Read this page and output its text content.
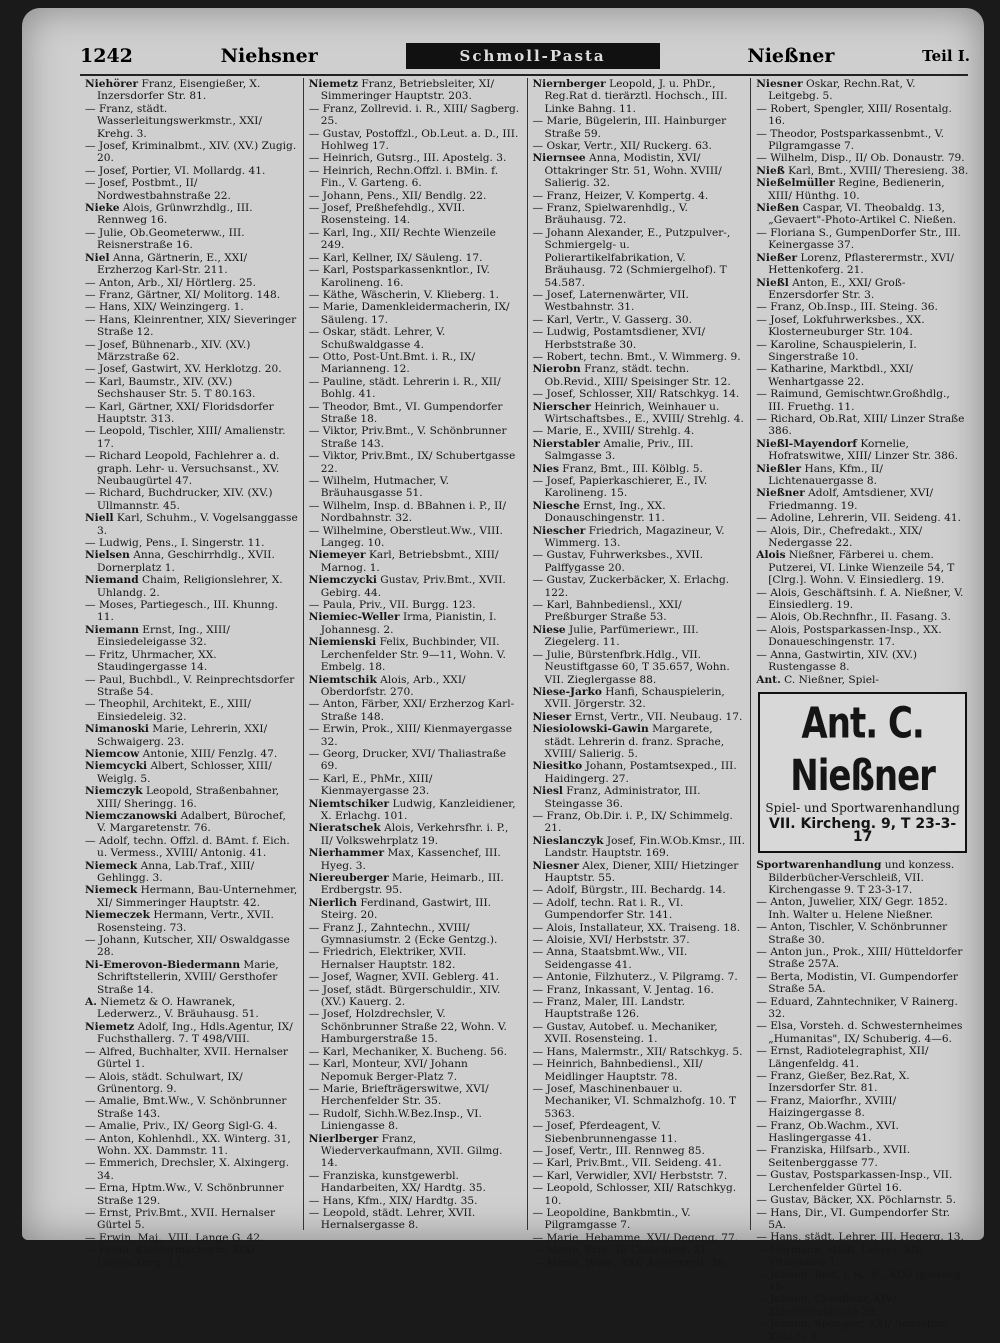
1242	Niehsner	Schmoll-Pasta	Nießner	Teil I.

Niehörer Franz, Eisengießer, X. Inzersdorfer Str. 81.

— Franz, städt. Wasserleitungswerkmstr., XXI/ Krehg. 3.

— Josef, Kriminalbmt., XIV. (XV.) Zugig. 20.

— Josef, Portier, VI. Mollardg. 41.

— Josef, Postbmt., II/ Nordwestbahnstraße 22.

Nieke Alois, Grünwrzhdlg., III. Rennweg 16.

— Julie, Ob.Geometerww., III. Reisnerstraße 16.

Niel Anna, Gärtnerin, E., XXI/ Erzherzog Karl-Str. 211.

— Anton, Arb., XI/ Hörtlerg. 25.

— Franz, Gärtner, XI/ Molitorg. 148.

— Hans, XIX/ Weinzingerg. 1.

— Hans, Kleinrentner, XIX/ Sieveringer Straße 12.

— Josef, Bühnenarb., XIV. (XV.) Märzstraße 62.

— Josef, Gastwirt, XV. Herklotzg. 20.

— Karl, Baumstr., XIV. (XV.) Sechshauser Str. 5. T 80.163.

— Karl, Gärtner, XXI/ Floridsdorfer Hauptstr. 313.

— Leopold, Tischler, XIII/ Amalienstr. 17.

— Richard Leopold, Fachlehrer a. d. graph. Lehr- u. Versuchsanst., XV. Neubaugürtel 47.

— Richard, Buchdrucker, XIV. (XV.) Ullmannstr. 45.

Niell Karl, Schuhm., V. Vogelsanggasse 3.

— Ludwig, Pens., I. Singerstr. 11.

Nielsen Anna, Geschirrhdlg., XVII. Dornerplatz 1.

Niemand Chaim, Religionslehrer, X. Uhlandg. 2.

— Moses, Partiegesch., III. Khunng. 11.

Niemann Ernst, Ing., XIII/ Einsiedeleigasse 32.

— Fritz, Uhrmacher, XX. Staudingergasse 14.

— Paul, Buchbdl., V. Reinprechtsdorfer Straße 54.

— Theophil, Architekt, E., XIII/ Einsiedeleig. 32.

Nimanoski Marie, Lehrerin, XXI/ Schwaigerg. 23.

Niemcow Antonie, XIII/ Fenzlg. 47.

Niemcycki Albert, Schlosser, XIII/ Weiglg. 5.

Niemczyk Leopold, Straßenbahner, XIII/ Sheringg. 16.

Niemczanowski Adalbert, Bürochef, V. Margaretenstr. 76.

— Adolf, techn. Offzl. d. BAmt. f. Eich. u. Vermess., XVIII/ Antonig. 41.

Niemeck Anna, Lab.Traf., XIII/ Gehlingg. 3.

Niemeck Hermann, Bau-Unternehmer, XI/ Simmeringer Hauptstr. 42.

Niemeczek Hermann, Vertr., XVII. Rosensteing. 73.

— Johann, Kutscher, XII/ Oswaldgasse 28.

Ni-Emerovon-Biedermann Marie, Schriftstellerin, XVIII/ Gersthofer Straße 14.

A. Niemetz & O. Hawranek, Lederwerz., V. Bräuhausg. 51.

Niemetz Adolf, Ing., Hdls.Agentur, IX/ Fuchsthallerg. 7. T 498/VIII.

— Alfred, Buchhalter, XVII. Hernalser Gürtel 1.

— Alois, städt. Schulwart, IX/ Grünentorg. 9.

— Amalie, Bmt.Ww., V. Schönbrunner Straße 143.

— Amalie, Priv., IX/ Georg Sigl-G. 4.

— Anton, Kohlenhdl., XX. Winterg. 31, Wohn. XX. Dammstr. 11.

— Emmerich, Drechsler, X. Alxingerg. 34.

— Erna, Hptm.Ww., V. Schönbrunner Straße 129.

— Ernst, Priv.Bmt., XVII. Hernalser Gürtel 5.

— Erwin, Maj., VIII. Lange G. 42.

— Fanni, Kleidermacherin, XIX/ Langackerg. 13.

Niemetz Franz, Betriebsleiter, XI/ Simmeringer Hauptstr. 203.

— Franz, Zollrevid. i. R., XIII/ Sagberg. 25.

— Gustav, Postoffzl., Ob.Leut. a. D., III. Hohlweg 17.

— Heinrich, Gutsrg., III. Apostelg. 3.

— Heinrich, Rechn.Offzl. i. BMin. f. Fin., V. Garteng. 6.

— Johann, Pens., XII/ Bendlg. 22.

— Josef, Preßhefehdlg., XVII. Rosensteing. 14.

— Karl, Ing., XII/ Rechte Wienzeile 249.

— Karl, Kellner, IX/ Säuleng. 17.

— Karl, Postsparkassenkntlor., IV. Karolineng. 16.

— Käthe, Wäscherin, V. Klieberg. 1.

— Marie, Damenkleidermacherin, IX/ Säuleng. 17.

— Oskar, städt. Lehrer, V. Schußwaldgasse 4.

— Otto, Post-Unt.Bmt. i. R., IX/ Marianneng. 12.

— Pauline, städt. Lehrerin i. R., XII/ Bohlg. 41.

— Theodor, Bmt., VI. Gumpendorfer Straße 18.

— Viktor, Priv.Bmt., V. Schönbrunner Straße 143.

— Viktor, Priv.Bmt., IX/ Schubertgasse 22.

— Wilhelm, Hutmacher, V. Bräuhausgasse 51.

— Wilhelm, Insp. d. BBahnen i. P., II/ Nordbahnstr. 32.

— Wilhelmine, Oberstleut.Ww., VIII. Langeg. 10.

Niemeyer Karl, Betriebsbmt., XIII/ Marnog. 1.

Niemczycki Gustav, Priv.Bmt., XVII. Gebirg. 44.

— Paula, Priv., VII. Burgg. 123.

Niemiec-Weller Irma, Pianistin, I. Johannesg. 2.

Niemienski Felix, Buchbinder, VII. Lerchenfelder Str. 9—11, Wohn. V. Embelg. 18.

Niemtschik Alois, Arb., XXI/ Oberdorfstr. 270.

— Anton, Färber, XXI/ Erzherzog Karl-Straße 148.

— Erwin, Prok., XIII/ Kienmayergasse 32.

— Georg, Drucker, XVI/ Thaliastraße 69.

— Karl, E., PhMr., XIII/ Kienmayergasse 23.

Niemtschiker Ludwig, Kanzleidiener, X. Erlachg. 101.

Nieratschek Alois, Verkehrsfhr. i. P., II/ Volkswehrplatz 19.

Nierhammer Max, Kassenchef, III. Hyeg. 3.

Niereuberger Marie, Heimarb., III. Erdbergstr. 95.

Nierlich Ferdinand, Gastwirt, III. Steirg. 20.

— Franz J., Zahntechn., XVIII/ Gymnasiumstr. 2 (Ecke Gentzg.).

— Friedrich, Elektriker, XVII. Hernalser Hauptstr. 182.

— Josef, Wagner, XVII. Geblerg. 41.

— Josef, städt. Bürgerschuldir., XIV. (XV.) Kauerg. 2.

— Josef, Holzdrechsler, V. Schönbrunner Straße 22, Wohn. V. Hamburgerstraße 15.

— Karl, Mechaniker, X. Bucheng. 56.

— Karl, Monteur, XVI/ Johann Nepomuk Berger-Platz 7.

— Marie, Briefträgerswitwe, XVI/ Herchenfelder Str. 35.

— Rudolf, Sichh.W.Bez.Insp., VI. Liniengasse 8.

Nierlberger Franz, Wiederverkaufmann, XVII. Gilmg. 14.

— Franziska, kunstgewerbl. Handarbeiten, XX/ Hardtg. 35.

— Hans, Kfm., XIX/ Hardtg. 35.

— Leopold, städt. Lehrer, XVII. Hernalsergasse 8.

Niernberger Leopold, J. u. PhDr., Reg.Rat d. tierärztl. Hochsch., III. Linke Bahng. 11.

— Marie, Bügelerin, III. Hainburger Straße 59.

— Oskar, Vertr., XII/ Ruckerg. 63.

Niernsee Anna, Modistin, XVI/ Ottakringer Str. 51, Wohn. XVIII/ Salierig. 32.

— Franz, Heizer, V. Kompertg. 4.

— Franz, Spielwarenhdlg., V. Bräuhausg. 72.

— Johann Alexander, E., Putzpulver-, Schmiergelg- u. Polierartikelfabrikation, V. Bräuhausg. 72 (Schmiergelhof). T 54.587.

— Josef, Laternenwärter, VII. Westbahnstr. 31.

— Karl, Vertr., V. Gasserg. 30.

— Ludwig, Postamtsdiener, XVI/ Herbststraße 30.

— Robert, techn. Bmt., V. Wimmerg. 9.

Nierobn Franz, städt. techn. Ob.Revid., XIII/ Speisinger Str. 12.

— Josef, Schlosser, XII/ Ratschkyg. 14.

Nierscher Heinrich, Weinhauer u. Wirtschaftsbes., E., XVIII/ Strehlg. 4.

— Marie, E., XVIII/ Strehlg. 4.

Nierstabler Amalie, Priv., III. Salmgasse 3.

Nies Franz, Bmt., III. Kölblg. 5.

— Josef, Papierkaschierer, E., IV. Karolineng. 15.

Niesche Ernst, Ing., XX. Donauschingenstr. 11.

Niescher Friedrich, Magazineur, V. Wimmerg. 13.

— Gustav, Fuhrwerksbes., XVII. Palffygasse 20.

— Gustav, Zuckerbäcker, X. Erlachg. 122.

— Karl, Bahnbediensl., XXI/ Preßburger Straße 53.

Niese Julie, Parfümeriewr., III. Ziegelerg. 11.

— Julie, Bürstenfbrk.Hdlg., VII. Neustiftgasse 60, T 35.657, Wohn. VII. Zieglergasse 88.

Niese-Jarko Hanfi, Schauspielerin, XVII. Jörgerstr. 32.

Nieser Ernst, Vertr., VII. Neubaug. 17.

Niesiolowski-Gawin Margarete, städt. Lehrerin d. franz. Sprache, XVIII/ Salierig. 5.

Niesitko Johann, Postamtsexped., III. Haidingerg. 27.

Niesl Franz, Administrator, III. Steingasse 36.

— Franz, Ob.Dir. i. P., IX/ Schimmelg. 21.

Nieslanczyk Josef, Fin.W.Ob.Kmsr., III. Landstr. Hauptstr. 169.

Niesner Alex, Diener, XIII/ Hietzinger Hauptstr. 55.

— Adolf, Bürgstr., III. Bechardg. 14.

— Adolf, techn. Rat i. R., VI. Gumpendorfer Str. 141.

— Alois, Installateur, XX. Traiseng. 18.

— Aloisie, XVI/ Herbststr. 37.

— Anna, Staatsbmt.Ww., VII. Seidengasse 41.

— Antonie, Filzhuterz., V. Pilgramg. 7.

— Franz, Inkassant, V. Jentag. 16.

— Franz, Maler, III. Landstr. Hauptstraße 126.

— Gustav, Autobef. u. Mechaniker, XVII. Rosensteing. 1.

— Hans, Malermstr., XII/ Ratschkyg. 5.

— Heinrich, Bahnbediensl., XII/ Meidlinger Hauptstr. 78.

— Josef, Maschinenbauer u. Mechaniker, VI. Schmalzhofg. 10. T 5363.

— Josef, Pferdeagent, V. Siebenbrunnengasse 11.

— Josef, Vertr., III. Rennweg 85.

— Karl, Priv.Bmt., VII. Seideng. 41.

— Karl, Verwidler, XVI/ Herbststr. 7.

— Leopold, Schlosser, XII/ Ratschkyg. 10.

— Leopoldine, Bankbmtin., V. Pilgramgasse 7.

— Marie, Hebamme, XVI/ Degeng. 77.

— Marie, Priv., II/ Castellezg. 21.

— Marie, Wbw., XXI/ Angererstr. 28.

Niesner Oskar, Rechn.Rat, V. Leitgebg. 5.

— Robert, Spengler, XIII/ Rosentalg. 16.

— Theodor, Postsparkassenbmt., V. Pilgramgasse 7.

— Wilhelm, Disp., II/ Ob. Donaustr. 79.

Nieß Karl, Bmt., XVIII/ Theresieng. 38.

Nießelmüller Regine, Bedienerin, XIII/ Hünthg. 10.

Nießen Caspar, VI. Theobaldg. 13, „Gevaert"-Photo-Artikel C. Nießen.

— Floriana S., GumpenDorfer Str., III. Keinergasse 37.

Nießer Lorenz, Pflasterermstr., XVI/ Hettenkoferg. 21.

Nießl Anton, E., XXI/ Groß-Enzersdorfer Str. 3.

— Franz, Ob.Insp., III. Steing. 36.

— Josef, Lokfuhrwerksbes., XX. Klosterneuburger Str. 104.

— Karoline, Schauspielerin, I. Singerstraße 10.

— Katharine, Marktbdl., XXI/ Wenhartgasse 22.

— Raimund, Gemischtwr.Großhdlg., III. Fruethg. 11.

— Richard, Ob.Rat, XIII/ Linzer Straße 386.

Nießl-Mayendorf Kornelie, Hofratswitwe, XIII/ Linzer Str. 386.

Nießler Hans, Kfm., II/ Lichtenauergasse 8.

Nießner Adolf, Amtsdiener, XVI/ Friedmanng. 19.

— Adoline, Lehrerin, VII. Seideng. 41.

— Alois, Dir., Chefredakt., XIX/ Nedergasse 22.

Alois Nießner, Färberei u. chem. Putzerei, VI. Linke Wienzeile 54, T [Clrg.]. Wohn. V. Einsiedlerg. 19.

— Alois, Geschäftsinh. f. A. Nießner, V. Einsiedlerg. 19.

— Alois, Ob.Rechnfhr., II. Fasang. 3.

— Alois, Postsparkassen-Insp., XX. Donaueschingenstr. 17.

— Anna, Gastwirtin, XIV. (XV.) Rustengasse 8.

Ant. C. Nießner, Spiel-

Ant. C. Nießner
Spiel- und Sportwarenhandlung
VII. Kircheng. 9, T 23-3-17

Sportwarenhandlung und konzess. Bilderbücher-Verschleiß, VII. Kirchengasse 9. T 23-3-17.

— Anton, Juwelier, XIX/ Gegr. 1852. Inh. Walter u. Helene Nießner.

— Anton, Tischler, V. Schönbrunner Straße 30.

— Anton jun., Prok., XIII/ Hütteldorfer Straße 257A.

— Berta, Modistin, VI. Gumpendorfer Straße 5A.

— Eduard, Zahntechniker, V Rainerg. 32.

— Elsa, Vorsteh. d. Schwesternheimes „Humanitas", IX/ Schuberig. 4—6.

— Ernst, Radiotelegraphist, XII/ Längenfeldg. 41.

— Franz, Gießer, Bez.Rat, X. Inzersdorfer Str. 81.

— Franz, Maiorfhr., XVIII/ Haizingergasse 8.

— Franz, Ob.Wachm., XVI. Haslingergasse 41.

— Franziska, Hilfsarb., XVII. Seitenberggasse 77.

— Gustav, Postsparkassen-Insp., VII. Lerchenfelder Gürtel 16.

— Gustav, Bäcker, XX. Pöchlarnstr. 5.

— Hans, Dir., VI. Gumpendorfer Str. 5A.

— Hans, städt. Lehrer, III. Hegerg. 13.

— Hermann, städt. Lehrer, XII/ Vitusgasse 1.

— Johann, Bmt. i. R., E., XIX/ Iglaseeg. 15.

— Johann, Chauffeur, XIV/ Zienfelderstraße 39.

— Johann, Spengler, XXI/ Sebastian Kohl-G. 1.
